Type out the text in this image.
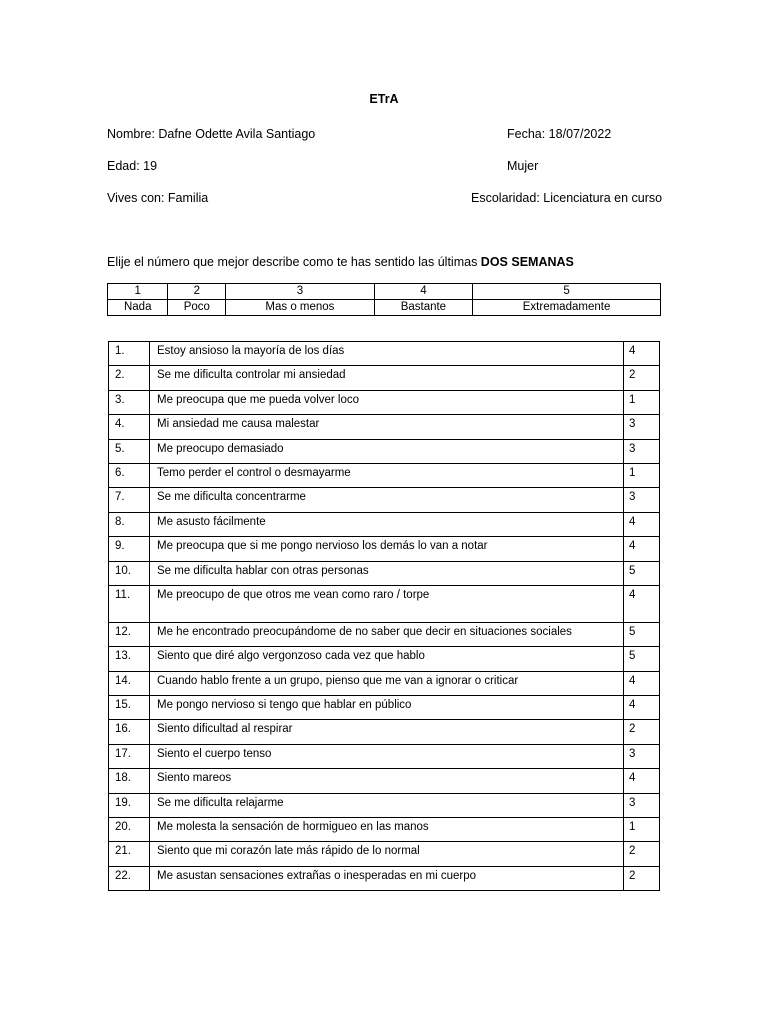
ETrA
Nombre: Dafne Odette Avila Santiago	Fecha: 18/07/2022
Edad: 19	Mujer
Vives con: Familia	Escolaridad: Licenciatura en curso
Elije el número que mejor describe como te has sentido las últimas DOS SEMANAS
1	2	3	4	5
Nada	Poco	Mas o menos	Bastante	Extremadamente
1.	Estoy ansioso la mayoría de los días	4
2.	Se me dificulta controlar mi ansiedad	2
3.	Me preocupa que me pueda volver loco	1
4.	Mi ansiedad me causa malestar	3
5.	Me preocupo demasiado	3
6.	Temo perder el control o desmayarme	1
7.	Se me dificulta concentrarme	3
8.	Me asusto fácilmente	4
9.	Me preocupa que si me pongo nervioso los demás lo van a notar	4
10.	Se me dificulta hablar con otras personas	5
11.	Me preocupo de que otros me vean como raro / torpe	4
12.	Me he encontrado preocupándome de no saber que decir en situaciones sociales	5
13.	Siento que diré algo vergonzoso cada vez que hablo	5
14.	Cuando hablo frente a un grupo, pienso que me van a ignorar o criticar	4
15.	Me pongo nervioso si tengo que hablar en público	4
16.	Siento dificultad al respirar	2
17.	Siento el cuerpo tenso	3
18.	Siento mareos	4
19.	Se me dificulta relajarme	3
20.	Me molesta la sensación de hormigueo en las manos	1
21.	Siento que mi corazón late más rápido de lo normal	2
22.	Me asustan sensaciones extrañas o inesperadas en mi cuerpo	2
